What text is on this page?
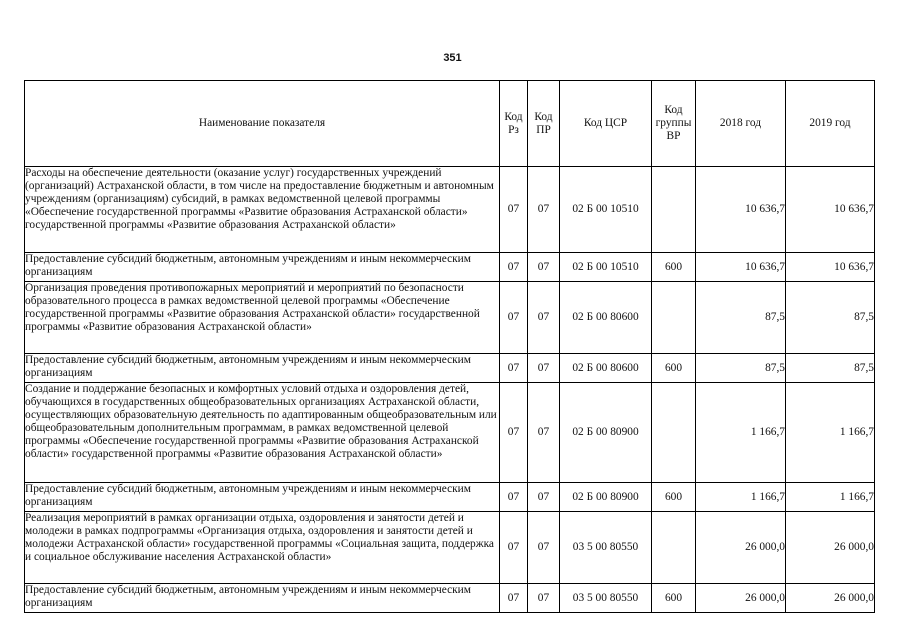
351
Наименование показателя	Код Рз	Код ПР	Код ЦСР	Код группы ВР	2018 год	2019 год
Расходы на обеспечение деятельности (оказание услуг) государственных учреждений (организаций) Астраханской области, в том числе на предоставление бюджетным и автономным учреждениям (организациям) субсидий, в рамках ведомственной целевой программы «Обеспечение государственной программы «Развитие образования Астраханской области» государственной программы «Развитие образования Астраханской области»	07	07	02 Б 00 10510		10 636,7	10 636,7
Предоставление субсидий бюджетным, автономным учреждениям и иным некоммерческим организациям	07	07	02 Б 00 10510	600	10 636,7	10 636,7
Организация проведения противопожарных мероприятий и мероприятий по безопасности образовательного процесса в рамках ведомственной целевой программы «Обеспечение государственной программы «Развитие образования Астраханской области» государственной программы «Развитие образования Астраханской области»	07	07	02 Б 00 80600		87,5	87,5
Предоставление субсидий бюджетным, автономным учреждениям и иным некоммерческим организациям	07	07	02 Б 00 80600	600	87,5	87,5
Создание и поддержание безопасных и комфортных условий отдыха и оздоровления детей, обучающихся в государственных общеобразовательных организациях Астраханской области, осуществляющих образовательную деятельность по адаптированным общеобразовательным или общеобразовательным дополнительным программам, в рамках ведомственной целевой программы «Обеспечение государственной программы «Развитие образования Астраханской области» государственной программы «Развитие образования Астраханской области»	07	07	02 Б 00 80900		1 166,7	1 166,7
Предоставление субсидий бюджетным, автономным учреждениям и иным некоммерческим организациям	07	07	02 Б 00 80900	600	1 166,7	1 166,7
Реализация мероприятий в рамках организации отдыха, оздоровления и занятости детей и молодежи в рамках подпрограммы «Организация отдыха, оздоровления и занятости детей и молодежи Астраханской области» государственной программы «Социальная защита, поддержка и социальное обслуживание населения Астраханской области»	07	07	03 5 00 80550		26 000,0	26 000,0
Предоставление субсидий бюджетным, автономным учреждениям и иным некоммерческим организациям	07	07	03 5 00 80550	600	26 000,0	26 000,0
